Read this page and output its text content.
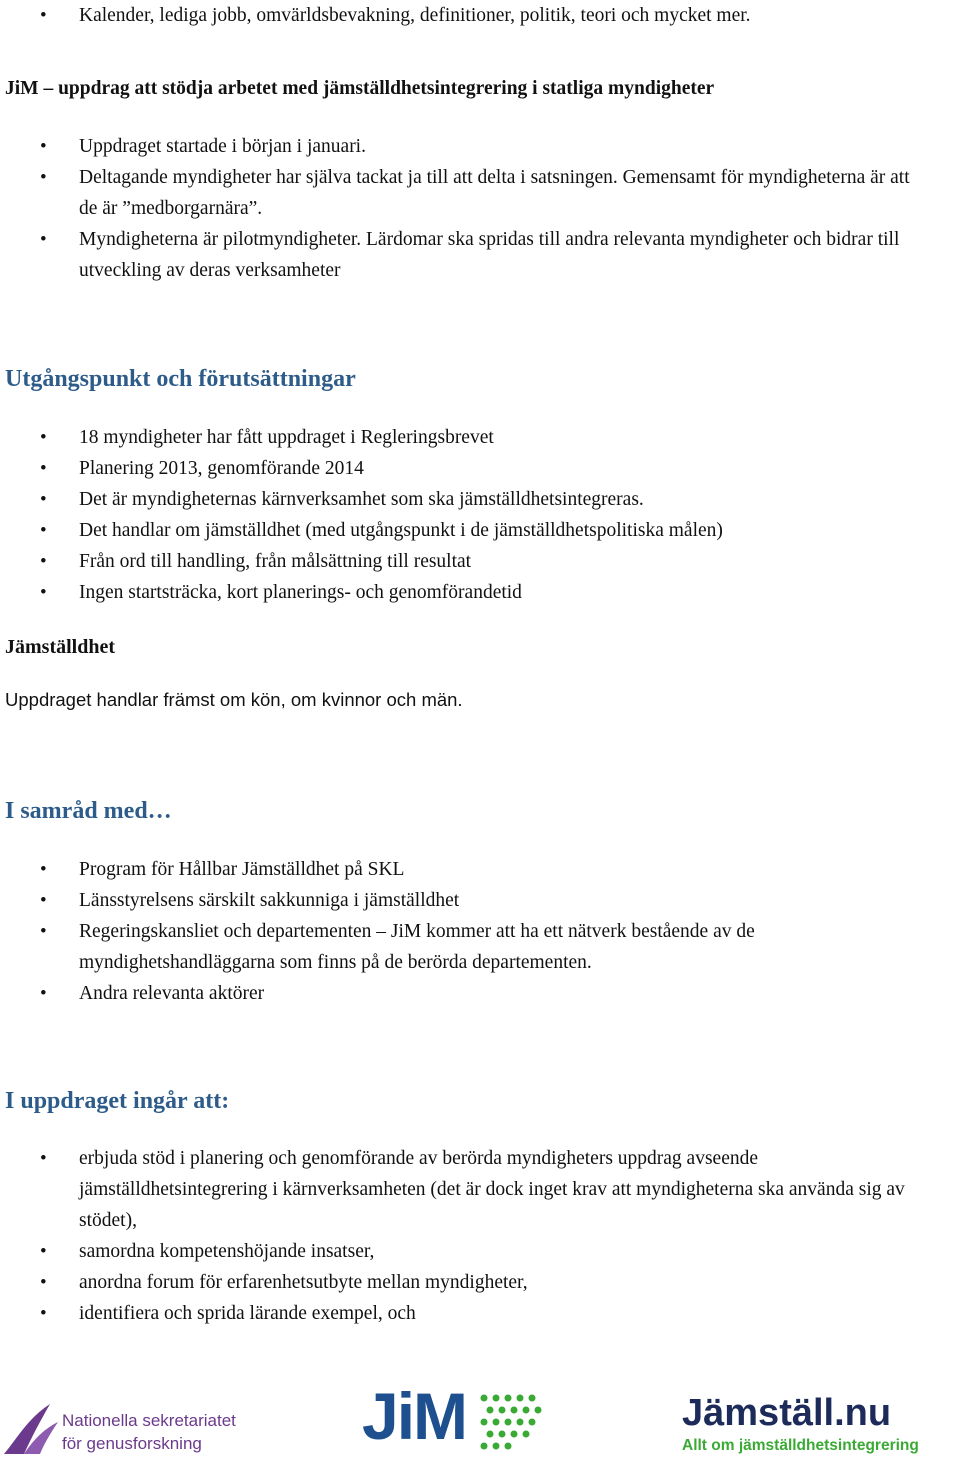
• Kalender, lediga jobb, omvärldsbevakning, definitioner, politik, teori och mycket mer.
JiM – uppdrag att stödja arbetet med jämställdhetsintegrering i statliga myndigheter
• Uppdraget startade i början i januari.
• Deltagande myndigheter har själva tackat ja till att delta i satsningen. Gemensamt för myndigheterna är att de är ”medborgarnära”.
• Myndigheterna är pilotmyndigheter. Lärdomar ska spridas till andra relevanta myndigheter och bidrar till utveckling av deras verksamheter
Utgångspunkt och förutsättningar
• 18 myndigheter har fått uppdraget i Regleringsbrevet
• Planering 2013, genomförande 2014
• Det är myndigheternas kärnverksamhet som ska jämställdhetsintegreras.
• Det handlar om jämställdhet (med utgångspunkt i de jämställdhetspolitiska målen)
• Från ord till handling, från målsättning till resultat
• Ingen startsträcka, kort planerings- och genomförandetid
Jämställdhet
Uppdraget handlar främst om kön, om kvinnor och män.
I samråd med…
• Program för Hållbar Jämställdhet på SKL
• Länsstyrelsens särskilt sakkunniga i jämställdhet
• Regeringskansliet och departementen – JiM kommer att ha ett nätverk bestående av de myndighetshandläggarna som finns på de berörda departementen.
• Andra relevanta aktörer
I uppdraget ingår att:
• erbjuda stöd i planering och genomförande av berörda myndigheters uppdrag avseende jämställdhetsintegrering i kärnverksamheten (det är dock inget krav att myndigheterna ska använda sig av stödet),
• samordna kompetenshöjande insatser,
• anordna forum för erfarenhetsutbyte mellan myndigheter,
• identifiera och sprida lärande exempel, och
Nationella sekretariatet
för genusforskning JiM	Jämställ.nu
Allt om jämställdhetsintegrering
